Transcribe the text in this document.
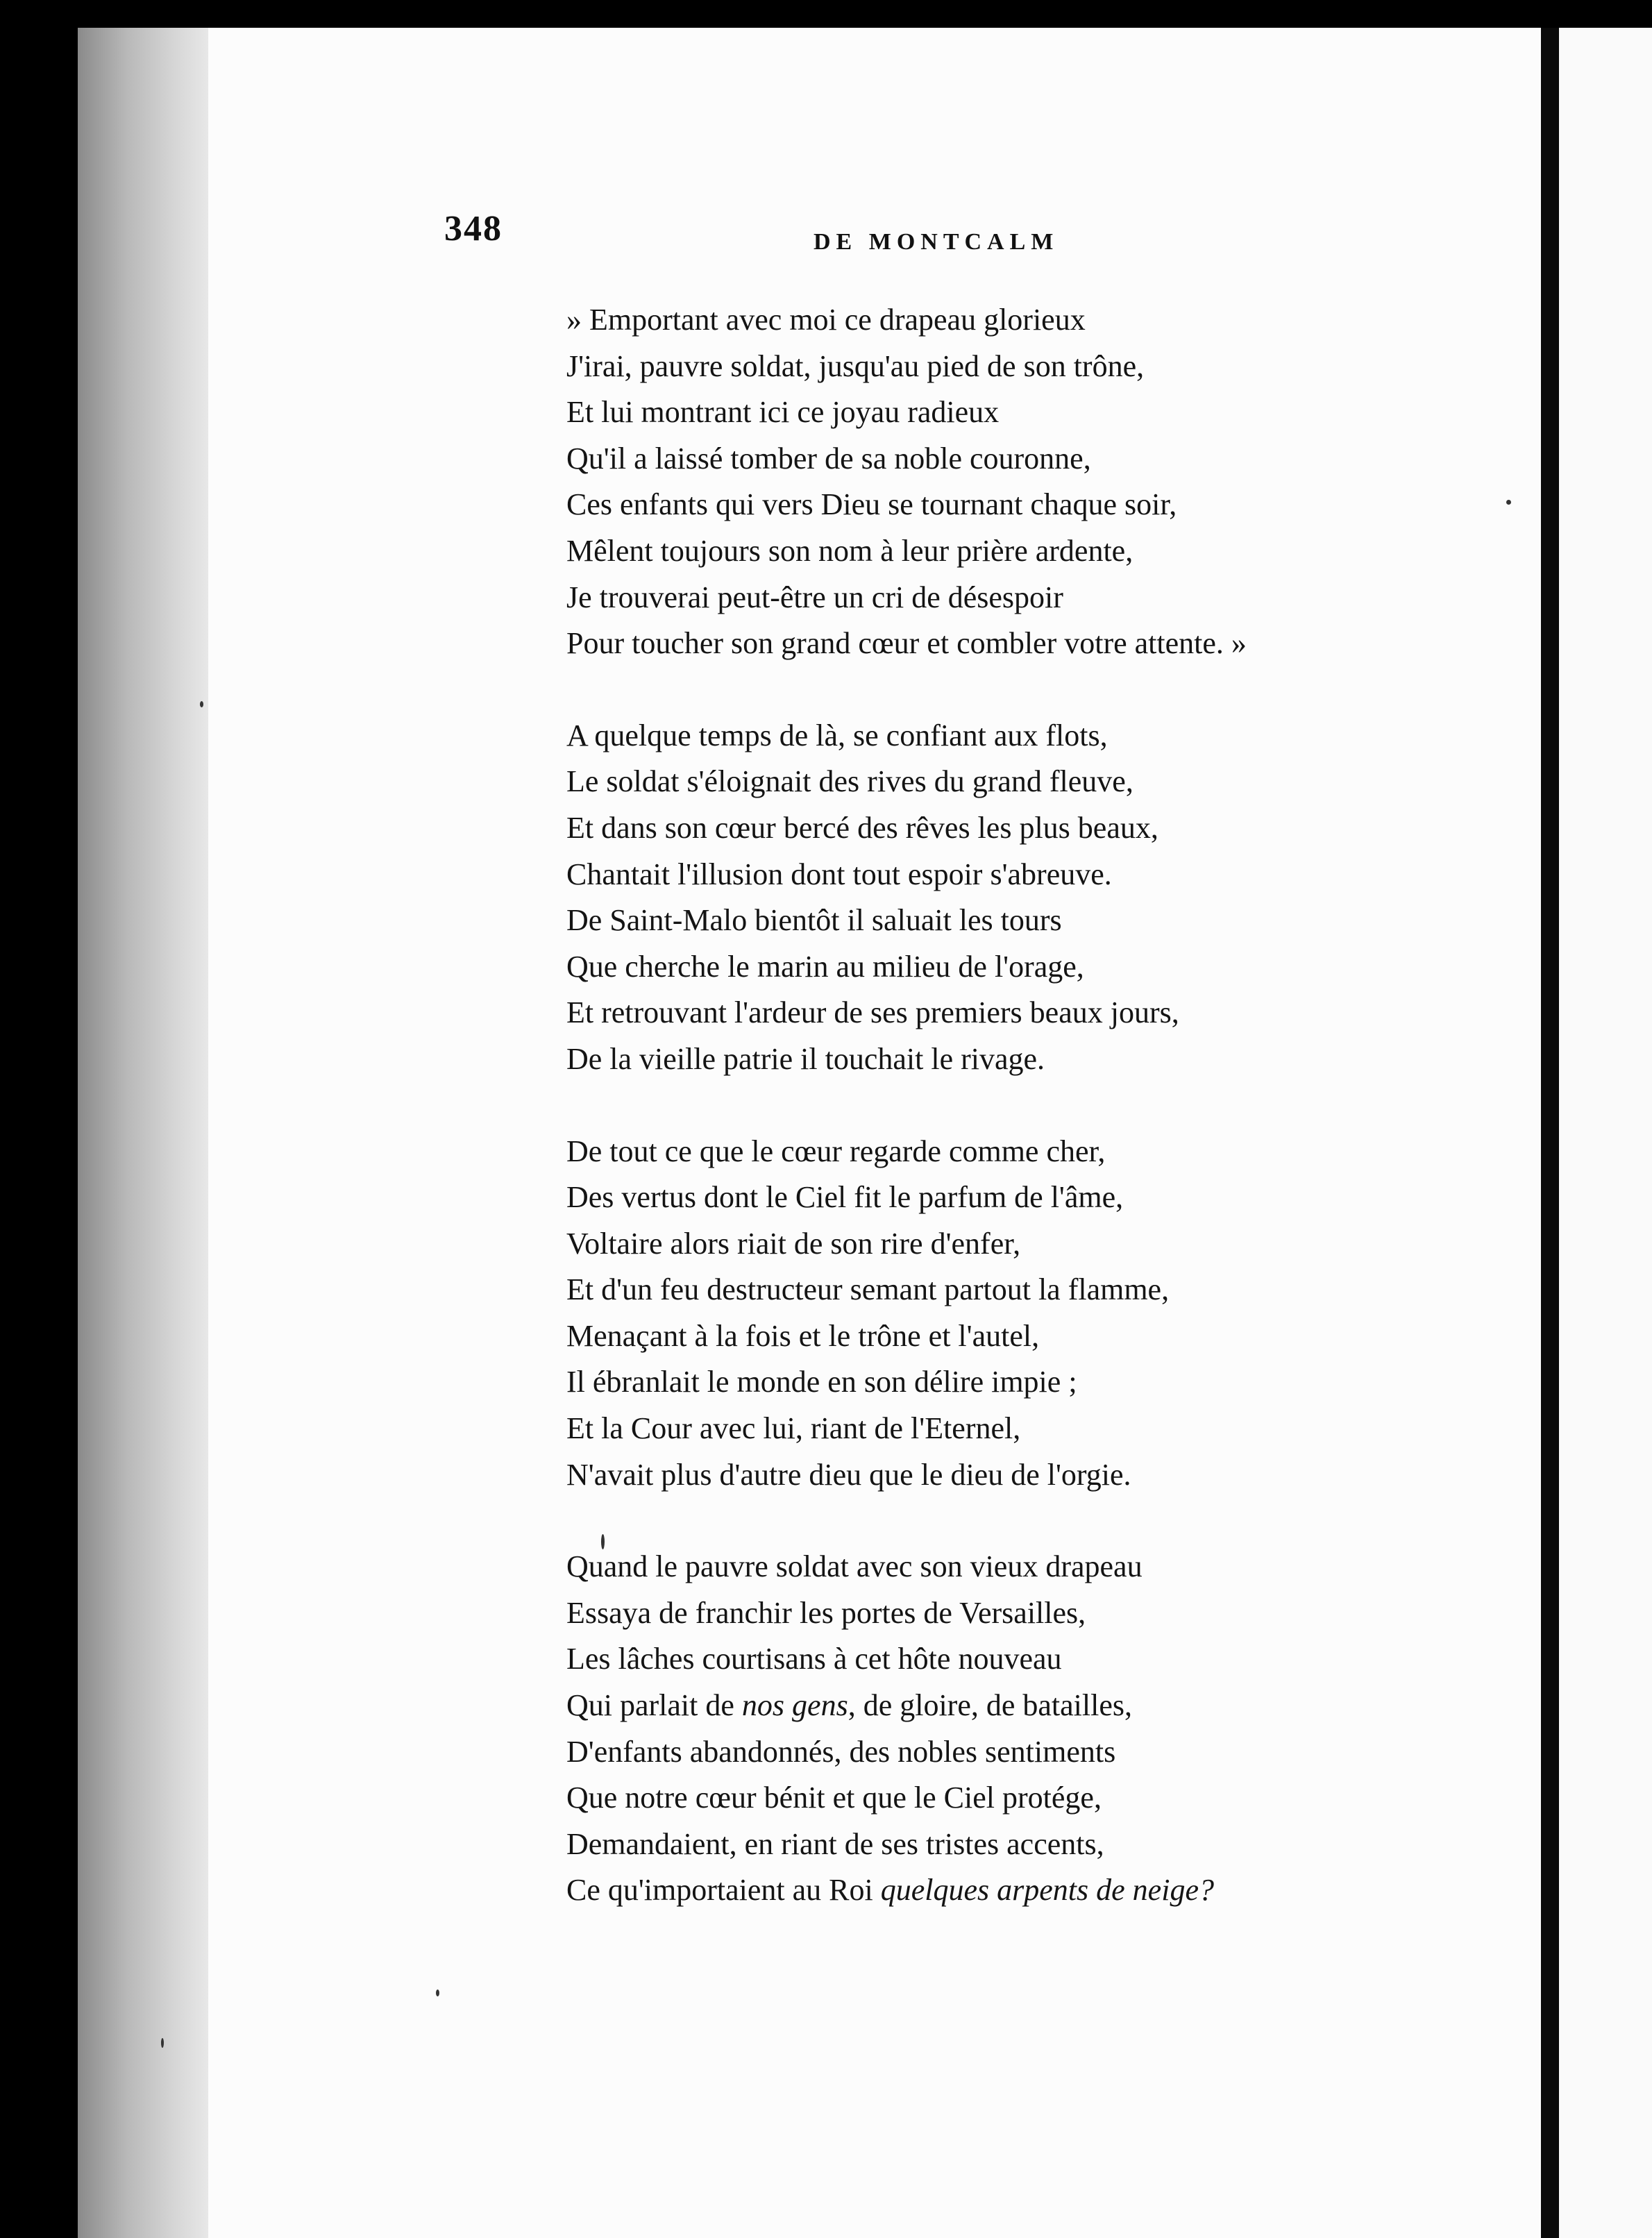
348	DE MONTCALM
» Emportant avec moi ce drapeau glorieux
J'irai, pauvre soldat, jusqu'au pied de son trône,
Et lui montrant ici ce joyau radieux
Qu'il a laissé tomber de sa noble couronne,
Ces enfants qui vers Dieu se tournant chaque soir,
Mêlent toujours son nom à leur prière ardente,
Je trouverai peut-être un cri de désespoir
Pour toucher son grand cœur et combler votre attente. »
A quelque temps de là, se confiant aux flots,
Le soldat s'éloignait des rives du grand fleuve,
Et dans son cœur bercé des rêves les plus beaux,
Chantait l'illusion dont tout espoir s'abreuve.
De Saint-Malo bientôt il saluait les tours
Que cherche le marin au milieu de l'orage,
Et retrouvant l'ardeur de ses premiers beaux jours,
De la vieille patrie il touchait le rivage.
De tout ce que le cœur regarde comme cher,
Des vertus dont le Ciel fit le parfum de l'âme,
Voltaire alors riait de son rire d'enfer,
Et d'un feu destructeur semant partout la flamme,
Menaçant à la fois et le trône et l'autel,
Il ébranlait le monde en son délire impie ;
Et la Cour avec lui, riant de l'Eternel,
N'avait plus d'autre dieu que le dieu de l'orgie.
Quand le pauvre soldat avec son vieux drapeau
Essaya de franchir les portes de Versailles,
Les lâches courtisans à cet hôte nouveau
Qui parlait de nos gens, de gloire, de batailles,
D'enfants abandonnés, des nobles sentiments
Que notre cœur bénit et que le Ciel protége,
Demandaient, en riant de ses tristes accents,
Ce qu'importaient au Roi quelques arpents de neige?
